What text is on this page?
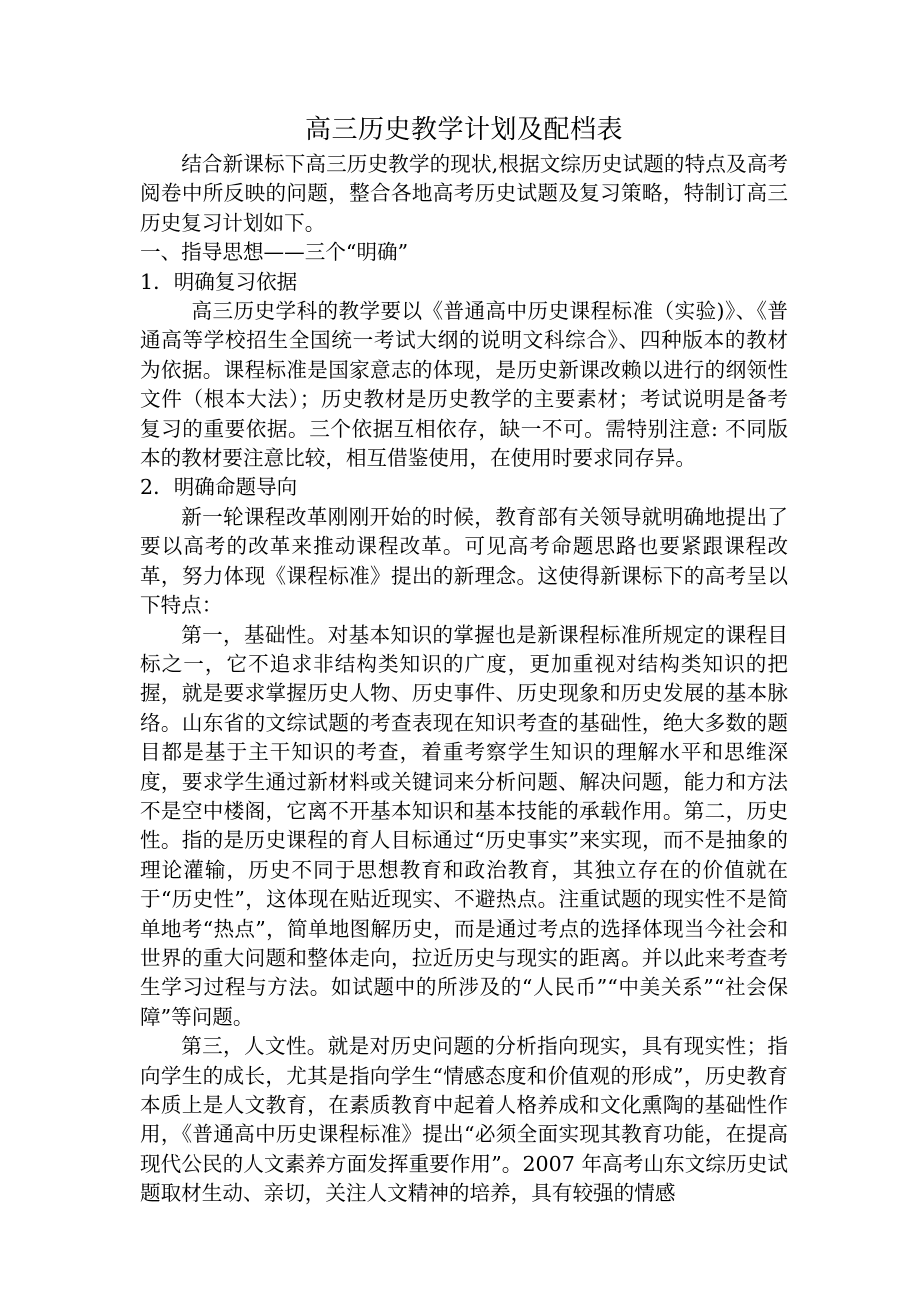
高三历史教学计划及配档表

结合新课标下高三历史教学的现状,根据文综历史试题的特点及高考阅卷中所反映的问题，整合各地高考历史试题及复习策略，特制订高三历史复习计划如下。

一、指导思想——三个“明确”

1．明确复习依据

高三历史学科的教学要以《普通高中历史课程标准（实验)》、《普通高等学校招生全国统一考试大纲的说明文科综合》、四种版本的教材为依据。课程标准是国家意志的体现，是历史新课改赖以进行的纲领性文件（根本大法）；历史教材是历史教学的主要素材；考试说明是备考复习的重要依据。三个依据互相依存，缺一不可。需特别注意: 不同版本的教材要注意比较，相互借鉴使用，在使用时要求同存异。

2．明确命题导向

新一轮课程改革刚刚开始的时候，教育部有关领导就明确地提出了要以高考的改革来推动课程改革。可见高考命题思路也要紧跟课程改革，努力体现《课程标准》提出的新理念。这使得新课标下的高考呈以下特点：

第一，基础性。对基本知识的掌握也是新课程标准所规定的课程目标之一，它不追求非结构类知识的广度，更加重视对结构类知识的把握，就是要求掌握历史人物、历史事件、历史现象和历史发展的基本脉络。山东省的文综试题的考查表现在知识考查的基础性，绝大多数的题目都是基于主干知识的考查，着重考察学生知识的理解水平和思维深度，要求学生通过新材料或关键词来分析问题、解决问题，能力和方法不是空中楼阁，它离不开基本知识和基本技能的承载作用。第二，历史性。指的是历史课程的育人目标通过“历史事实”来实现，而不是抽象的理论灌输，历史不同于思想教育和政治教育，其独立存在的价值就在于“历史性”，这体现在贴近现实、不避热点。注重试题的现实性不是简单地考“热点”，简单地图解历史，而是通过考点的选择体现当今社会和世界的重大问题和整体走向，拉近历史与现实的距离。并以此来考查考生学习过程与方法。如试题中的所涉及的“人民币”“中美关系”“社会保障”等问题。

第三，人文性。就是对历史问题的分析指向现实，具有现实性；指向学生的成长，尤其是指向学生“情感态度和价值观的形成”，历史教育本质上是人文教育，在素质教育中起着人格养成和文化熏陶的基础性作用，《普通高中历史课程标准》提出“必须全面实现其教育功能，在提高现代公民的人文素养方面发挥重要作用”。2007 年高考山东文综历史试题取材生动、亲切，关注人文精神的培养，具有较强的情感
